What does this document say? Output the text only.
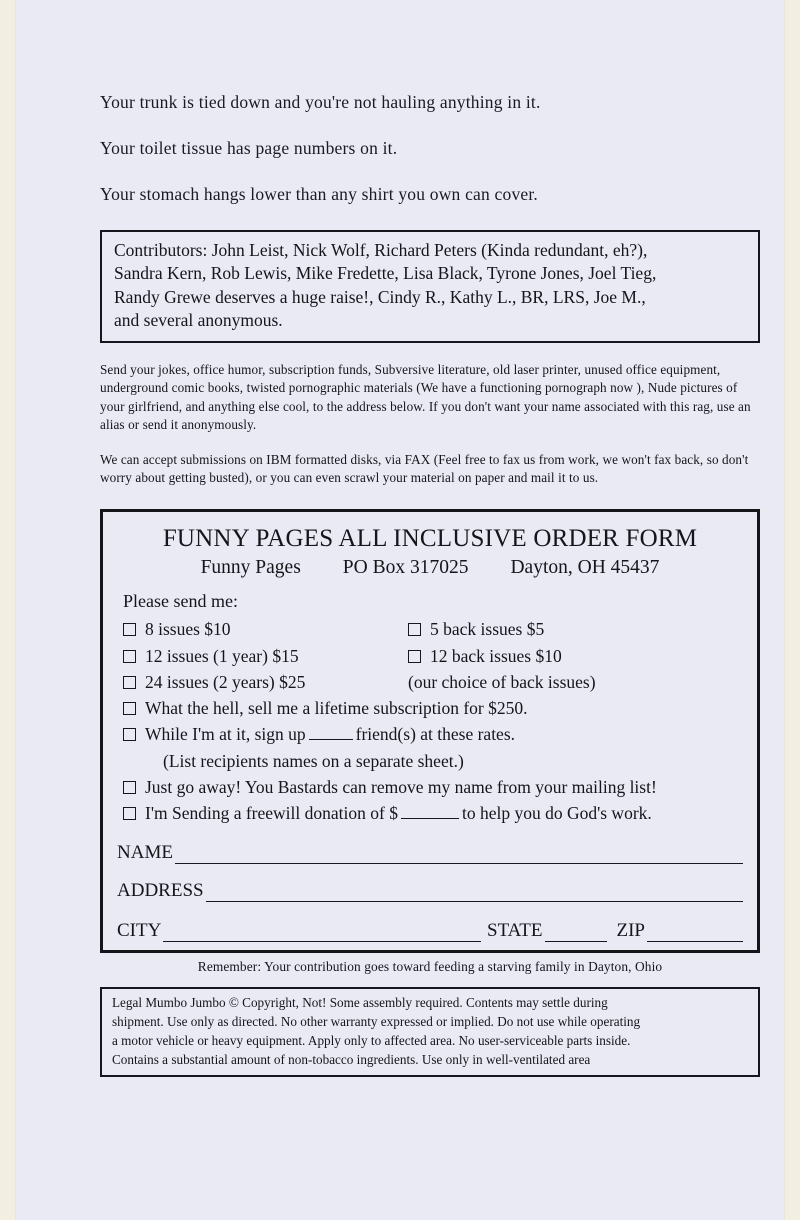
Your trunk is tied down and you're not hauling anything in it.

Your toilet tissue has page numbers on it.

Your stomach hangs lower than any shirt you own can cover.

Contributors: John Leist, Nick Wolf, Richard Peters (Kinda redundant, eh?),
Sandra Kern, Rob Lewis, Mike Fredette, Lisa Black, Tyrone Jones, Joel Tieg,
Randy Grewe deserves a huge raise!, Cindy R., Kathy L., BR, LRS, Joe M.,
and several anonymous.

Send your jokes, office humor, subscription funds, Subversive literature, old laser printer, unused office equipment, underground comic books, twisted pornographic materials (We have a functioning pornograph now ), Nude pictures of your girlfriend, and anything else cool, to the address below. If you don't want your name associated with this rag, use an alias or send it anonymously.

We can accept submissions on IBM formatted disks, via FAX (Feel free to fax us from work, we won't fax back, so don't worry about getting busted), or you can even scrawl your material on paper and mail it to us.

FUNNY PAGES ALL INCLUSIVE ORDER FORM
Funny Pages PO Box 317025 Dayton, OH 45437
Please send me:
8 issues $10	5 back issues $5
12 issues (1 year) $15	12 back issues $10
24 issues (2 years) $25	(our choice of back issues)
What the hell, sell me a lifetime subscription for $250.
While I'm at it, sign up	friend(s) at these rates.
(List recipients names on a separate sheet.)
Just go away! You Bastards can remove my name from your mailing list!
I'm Sending a freewill donation of $	to help you do God's work.
NAME
ADDRESS
CITY	STATE	ZIP
Remember: Your contribution goes toward feeding a starving family in Dayton, Ohio
Legal Mumbo Jumbo © Copyright, Not! Some assembly required. Contents may settle during
shipment. Use only as directed. No other warranty expressed or implied. Do not use while operating
a motor vehicle or heavy equipment. Apply only to affected area. No user-serviceable parts inside.
Contains a substantial amount of non-tobacco ingredients. Use only in well-ventilated area
